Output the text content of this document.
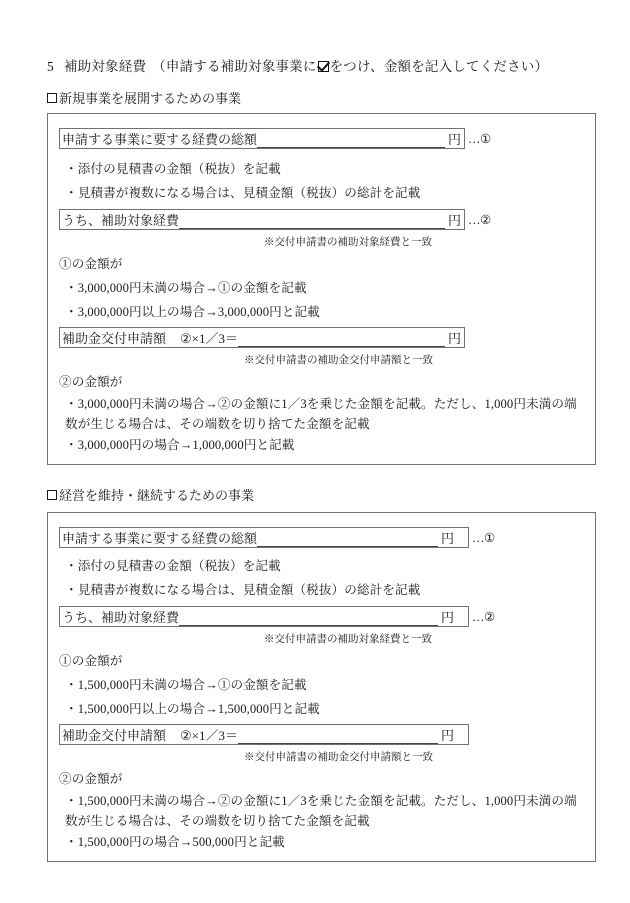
5 補助対象経費 （申請する補助対象事業に をつけ、金額を記入してください）
新規事業を展開するための事業
申請する事業に要する経費の総額	円 …①
・添付の見積書の金額（税抜）を記載
・見積書が複数になる場合は、見積金額（税抜）の総計を記載
うち、補助対象経費	円 …②
※交付申請書の補助対象経費と一致
①の金額が
・3,000,000円未満の場合→①の金額を記載
・3,000,000円以上の場合→3,000,000円と記載
補助金交付申請額 ②×1／3＝	円
※交付申請書の補助金交付申請額と一致
②の金額が
・3,000,000円未満の場合→②の金額に1／3を乗じた金額を記載。ただし、1,000円未満の端数が生じる場合は、その端数を切り捨てた金額を記載
・3,000,000円の場合→1,000,000円と記載
経営を維持・継続するための事業
申請する事業に要する経費の総額	円	…①
・添付の見積書の金額（税抜）を記載
・見積書が複数になる場合は、見積金額（税抜）の総計を記載
うち、補助対象経費	円	…②
※交付申請書の補助対象経費と一致
①の金額が
・1,500,000円未満の場合→①の金額を記載
・1,500,000円以上の場合→1,500,000円と記載
補助金交付申請額 ②×1／3＝	円
※交付申請書の補助金交付申請額と一致
②の金額が
・1,500,000円未満の場合→②の金額に1／3を乗じた金額を記載。ただし、1,000円未満の端数が生じる場合は、その端数を切り捨てた金額を記載
・1,500,000円の場合→500,000円と記載
